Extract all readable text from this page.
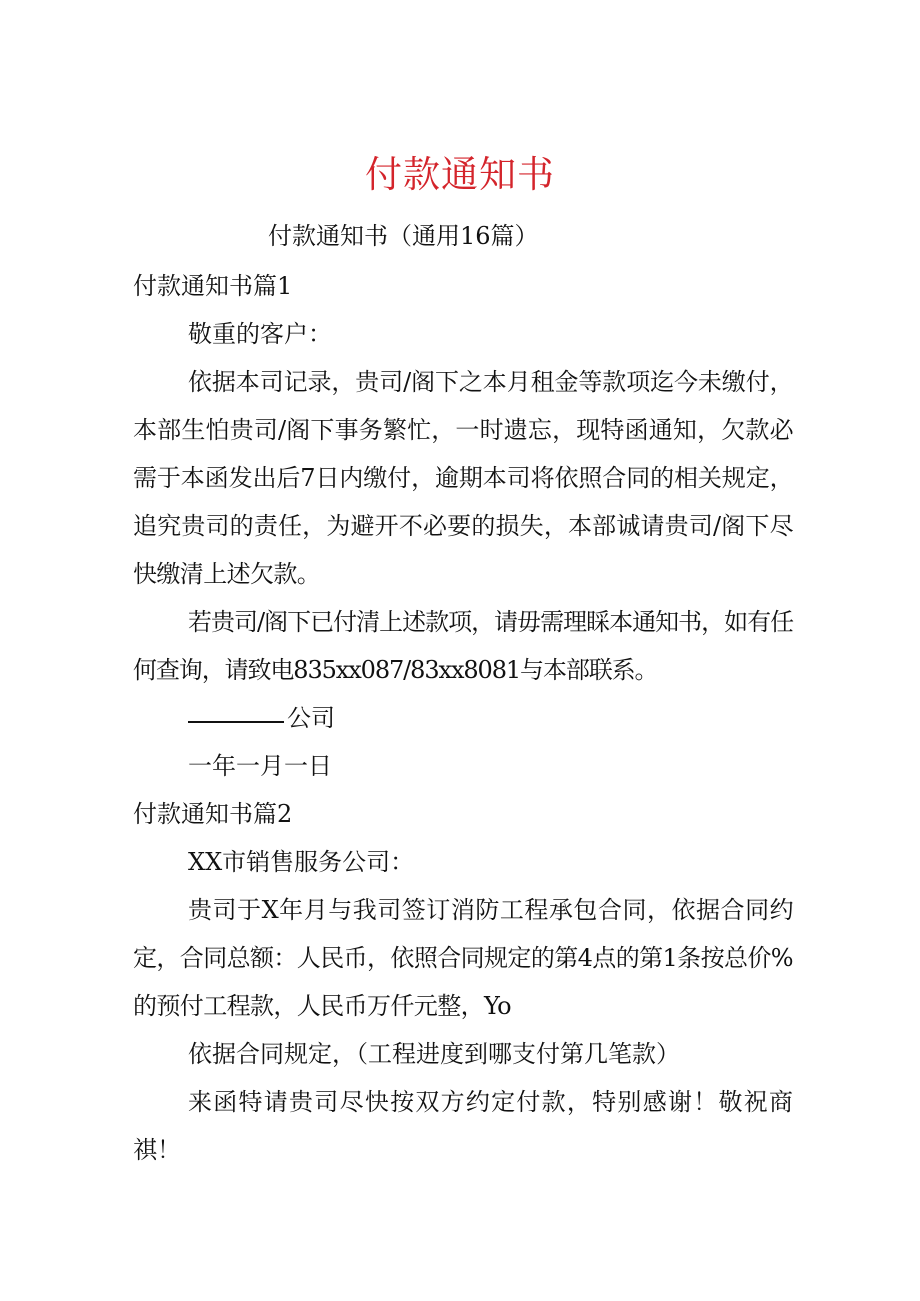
付款通知书
付款通知书（通用16篇）

付款通知书篇1

敬重的客户：

依据本司记录，贵司/阁下之本月租金等款项迄今未缴付，本部生怕贵司/阁下事务繁忙，一时遗忘，现特函通知，欠款必需于本函发出后7日内缴付，逾期本司将依照合同的相关规定，追究贵司的责任，为避开不必要的损失，本部诚请贵司/阁下尽快缴清上述欠款。

若贵司/阁下已付清上述款项，请毋需理睬本通知书，如有任何查询，请致电835xx087/83xx8081与本部联系。

公司

一年一月一日

付款通知书篇2

XX市销售服务公司：

贵司于X年月与我司签订消防工程承包合同，依据合同约定，合同总额：人民币，依照合同规定的第4点的第1条按总价%的预付工程款，人民币万仟元整，Yo

依据合同规定，（工程进度到哪支付第几笔款）

来函特请贵司尽快按双方约定付款，特别感谢！敬祝商祺！
